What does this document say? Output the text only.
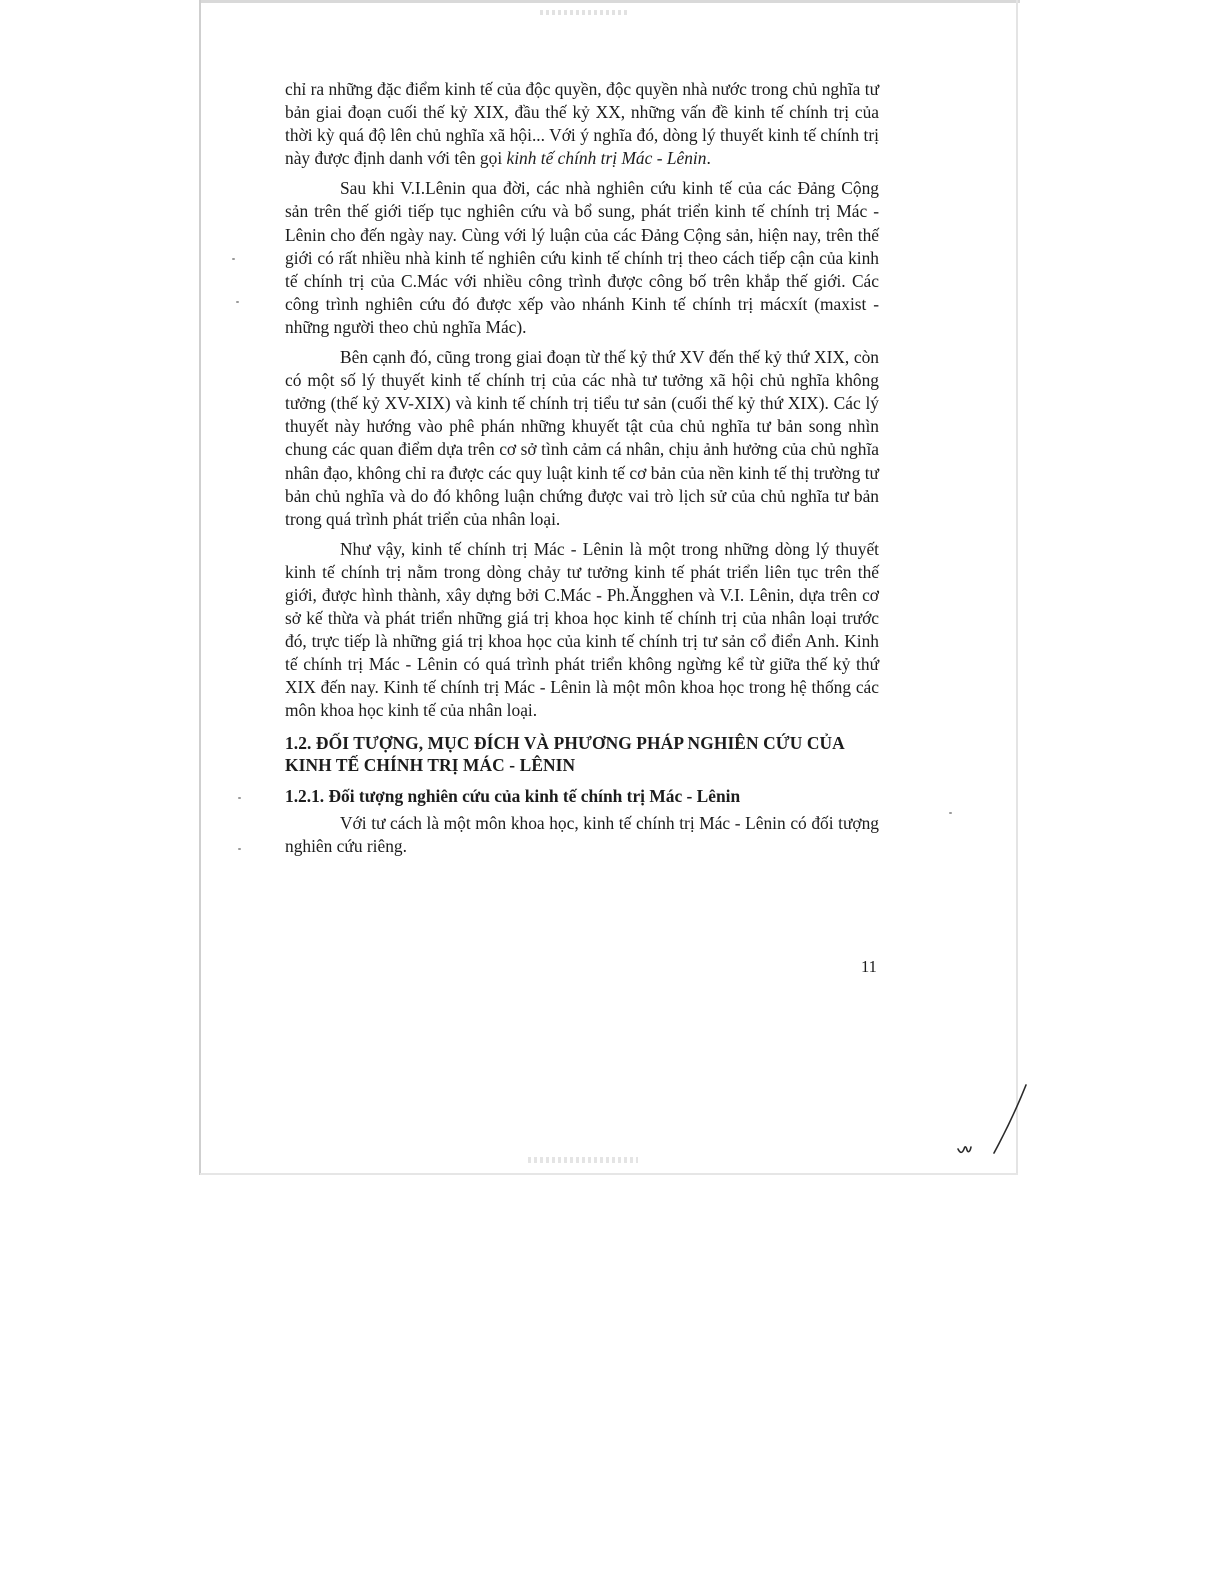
chỉ ra những đặc điểm kinh tế của độc quyền, độc quyền nhà nước trong chủ nghĩa tư bản giai đoạn cuối thế kỷ XIX, đầu thế kỷ XX, những vấn đề kinh tế chính trị của thời kỳ quá độ lên chủ nghĩa xã hội... Với ý nghĩa đó, dòng lý thuyết kinh tế chính trị này được định danh với tên gọi kinh tế chính trị Mác - Lênin.

Sau khi V.I.Lênin qua đời, các nhà nghiên cứu kinh tế của các Đảng Cộng sản trên thế giới tiếp tục nghiên cứu và bổ sung, phát triển kinh tế chính trị Mác - Lênin cho đến ngày nay. Cùng với lý luận của các Đảng Cộng sản, hiện nay, trên thế giới có rất nhiều nhà kinh tế nghiên cứu kinh tế chính trị theo cách tiếp cận của kinh tế chính trị của C.Mác với nhiều công trình được công bố trên khắp thế giới. Các công trình nghiên cứu đó được xếp vào nhánh Kinh tế chính trị mácxít (maxist - những người theo chủ nghĩa Mác).

Bên cạnh đó, cũng trong giai đoạn từ thế kỷ thứ XV đến thế kỷ thứ XIX, còn có một số lý thuyết kinh tế chính trị của các nhà tư tưởng xã hội chủ nghĩa không tưởng (thế kỷ XV-XIX) và kinh tế chính trị tiểu tư sản (cuối thế kỷ thứ XIX). Các lý thuyết này hướng vào phê phán những khuyết tật của chủ nghĩa tư bản song nhìn chung các quan điểm dựa trên cơ sở tình cảm cá nhân, chịu ảnh hưởng của chủ nghĩa nhân đạo, không chỉ ra được các quy luật kinh tế cơ bản của nền kinh tế thị trường tư bản chủ nghĩa và do đó không luận chứng được vai trò lịch sử của chủ nghĩa tư bản trong quá trình phát triển của nhân loại.

Như vậy, kinh tế chính trị Mác - Lênin là một trong những dòng lý thuyết kinh tế chính trị nằm trong dòng chảy tư tưởng kinh tế phát triển liên tục trên thế giới, được hình thành, xây dựng bởi C.Mác - Ph.Ăngghen và V.I. Lênin, dựa trên cơ sở kế thừa và phát triển những giá trị khoa học kinh tế chính trị của nhân loại trước đó, trực tiếp là những giá trị khoa học của kinh tế chính trị tư sản cổ điển Anh. Kinh tế chính trị Mác - Lênin có quá trình phát triển không ngừng kể từ giữa thế kỷ thứ XIX đến nay. Kinh tế chính trị Mác - Lênin là một môn khoa học trong hệ thống các môn khoa học kinh tế của nhân loại.

1.2. ĐỐI TƯỢNG, MỤC ĐÍCH VÀ PHƯƠNG PHÁP NGHIÊN CỨU CỦA
KINH TẾ CHÍNH TRỊ MÁC - LÊNIN
1.2.1. Đối tượng nghiên cứu của kinh tế chính trị Mác - Lênin

Với tư cách là một môn khoa học, kinh tế chính trị Mác - Lênin có đối tượng nghiên cứu riêng.

11
